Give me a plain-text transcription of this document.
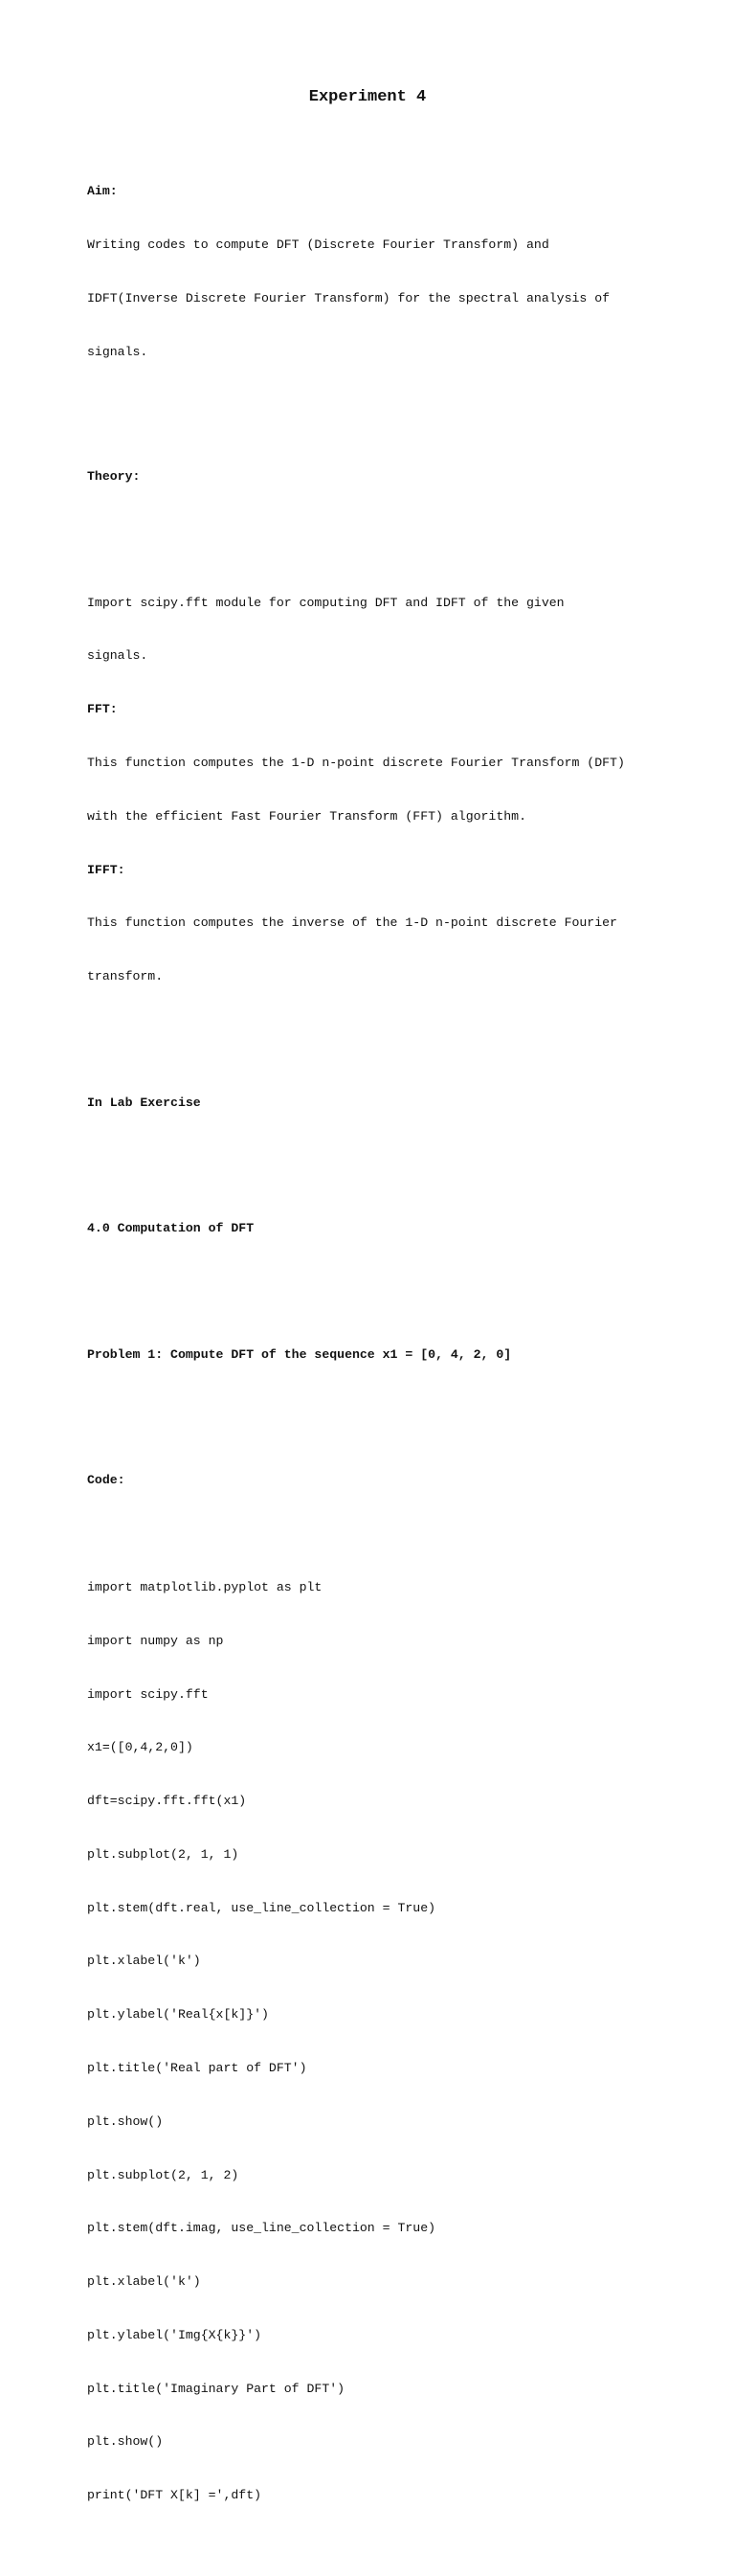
Experiment 4

Aim:

Writing codes to compute DFT (Discrete Fourier Transform) and

IDFT(Inverse Discrete Fourier Transform) for the spectral analysis of

signals.

Theory:

Import scipy.fft module for computing DFT and IDFT of the given

signals.

FFT:

This function computes the 1-D n-point discrete Fourier Transform (DFT)

with the efficient Fast Fourier Transform (FFT) algorithm.

IFFT:

This function computes the inverse of the 1-D n-point discrete Fourier

transform.

In Lab Exercise

4.0 Computation of DFT

Problem 1: Compute DFT of the sequence x1 = [0, 4, 2, 0]

Code:

import matplotlib.pyplot as plt

import numpy as np

import scipy.fft

x1=([0,4,2,0])

dft=scipy.fft.fft(x1)

plt.subplot(2, 1, 1)

plt.stem(dft.real, use_line_collection = True)

plt.xlabel('k')

plt.ylabel('Real{x[k]}')

plt.title('Real part of DFT')

plt.show()

plt.subplot(2, 1, 2)

plt.stem(dft.imag, use_line_collection = True)

plt.xlabel('k')

plt.ylabel('Img{X{k}}')

plt.title('Imaginary Part of DFT')

plt.show()

print('DFT X[k] =',dft)
